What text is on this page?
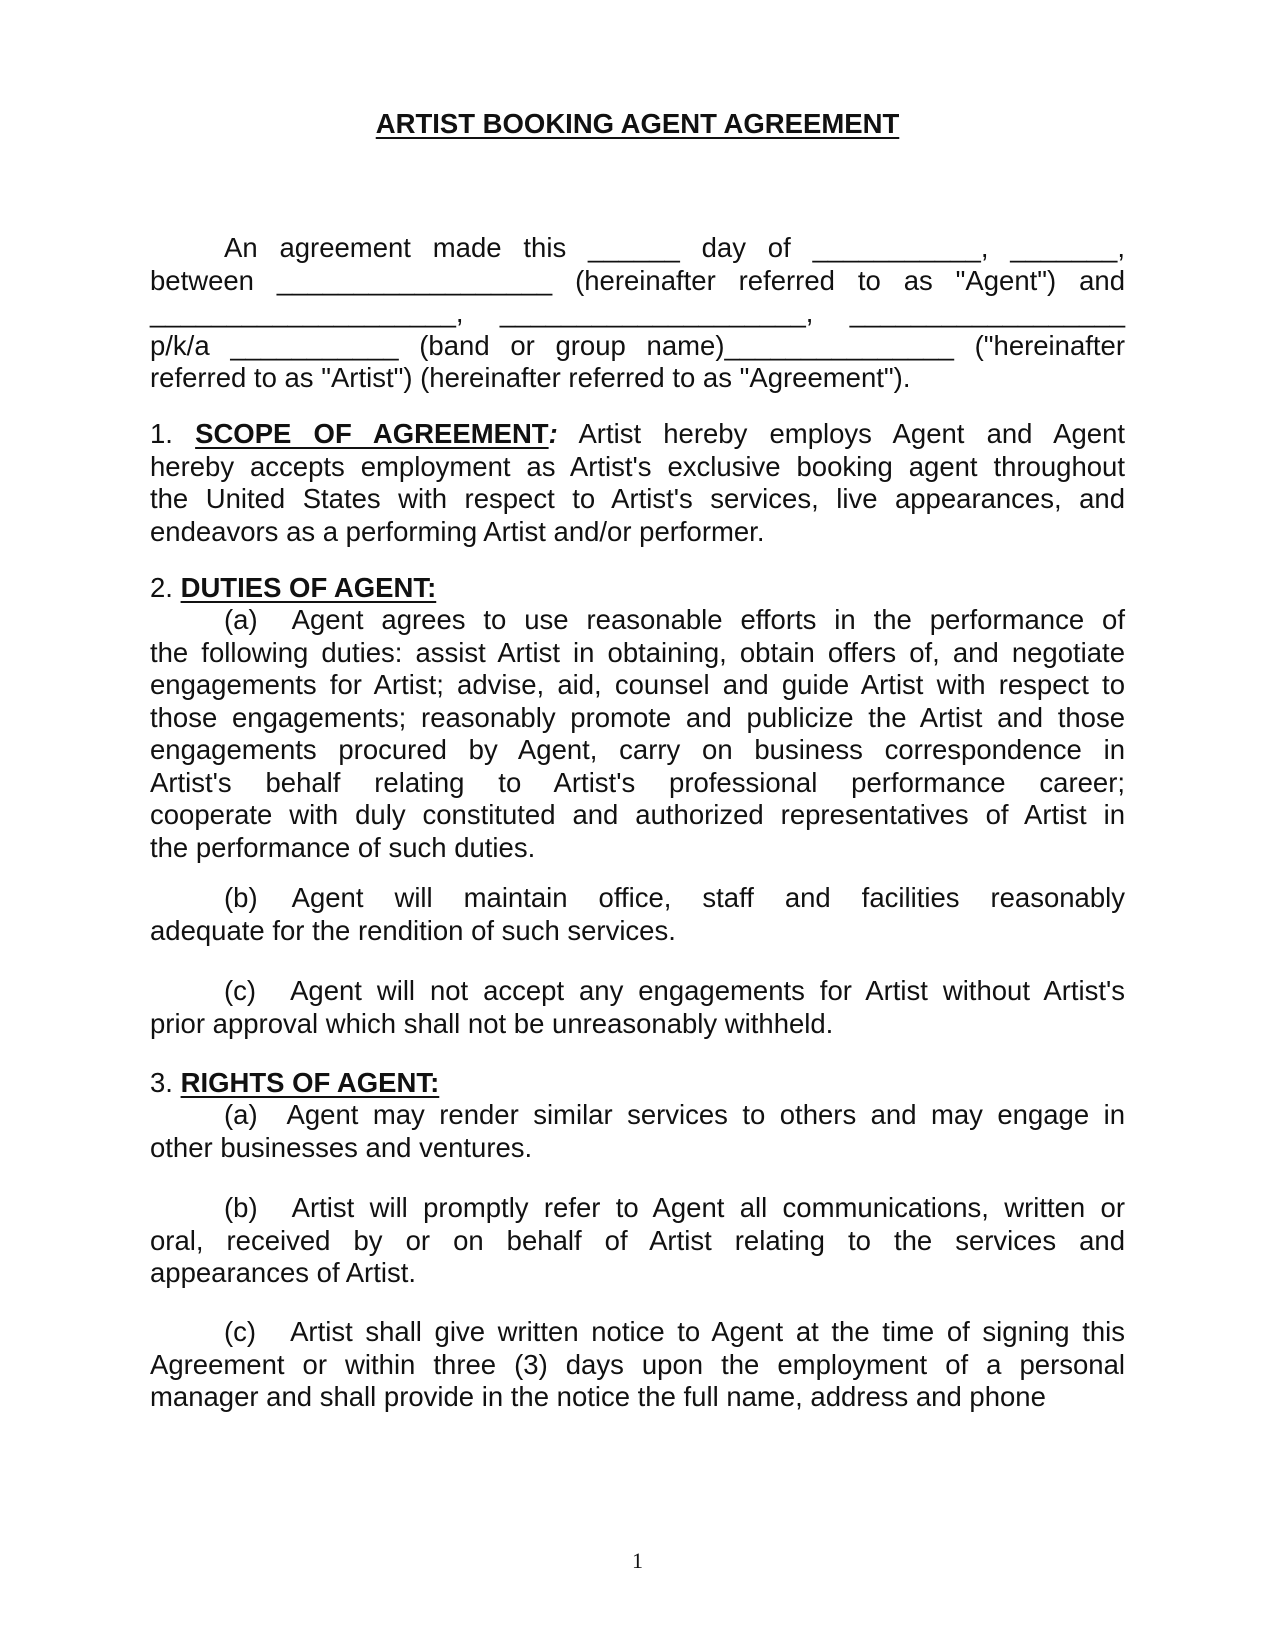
ARTIST BOOKING AGENT AGREEMENT
An agreement made this ______ day of ___________, _______,
between __________________ (hereinafter referred to as "Agent") and
____________________, ____________________, __________________
p/k/a ___________ (band or group name)_______________ ("hereinafter
referred to as "Artist") (hereinafter referred to as "Agreement").
1. SCOPE OF AGREEMENT: Artist hereby employs Agent and Agent
hereby accepts employment as Artist's exclusive booking agent throughout
the United States with respect to Artist's services, live appearances, and
endeavors as a performing Artist and/or performer.
2. DUTIES OF AGENT:
(a) Agent agrees to use reasonable efforts in the performance of
the following duties: assist Artist in obtaining, obtain offers of, and negotiate
engagements for Artist; advise, aid, counsel and guide Artist with respect to
those engagements; reasonably promote and publicize the Artist and those
engagements procured by Agent, carry on business correspondence in
Artist's behalf relating to Artist's professional performance career;
cooperate with duly constituted and authorized representatives of Artist in
the performance of such duties.
(b) Agent will maintain office, staff and facilities reasonably
adequate for the rendition of such services.
(c) Agent will not accept any engagements for Artist without Artist's
prior approval which shall not be unreasonably withheld.
3. RIGHTS OF AGENT:
(a) Agent may render similar services to others and may engage in
other businesses and ventures.
(b) Artist will promptly refer to Agent all communications, written or
oral, received by or on behalf of Artist relating to the services and
appearances of Artist.
(c) Artist shall give written notice to Agent at the time of signing this
Agreement or within three (3) days upon the employment of a personal
manager and shall provide in the notice the full name, address and phone
1
